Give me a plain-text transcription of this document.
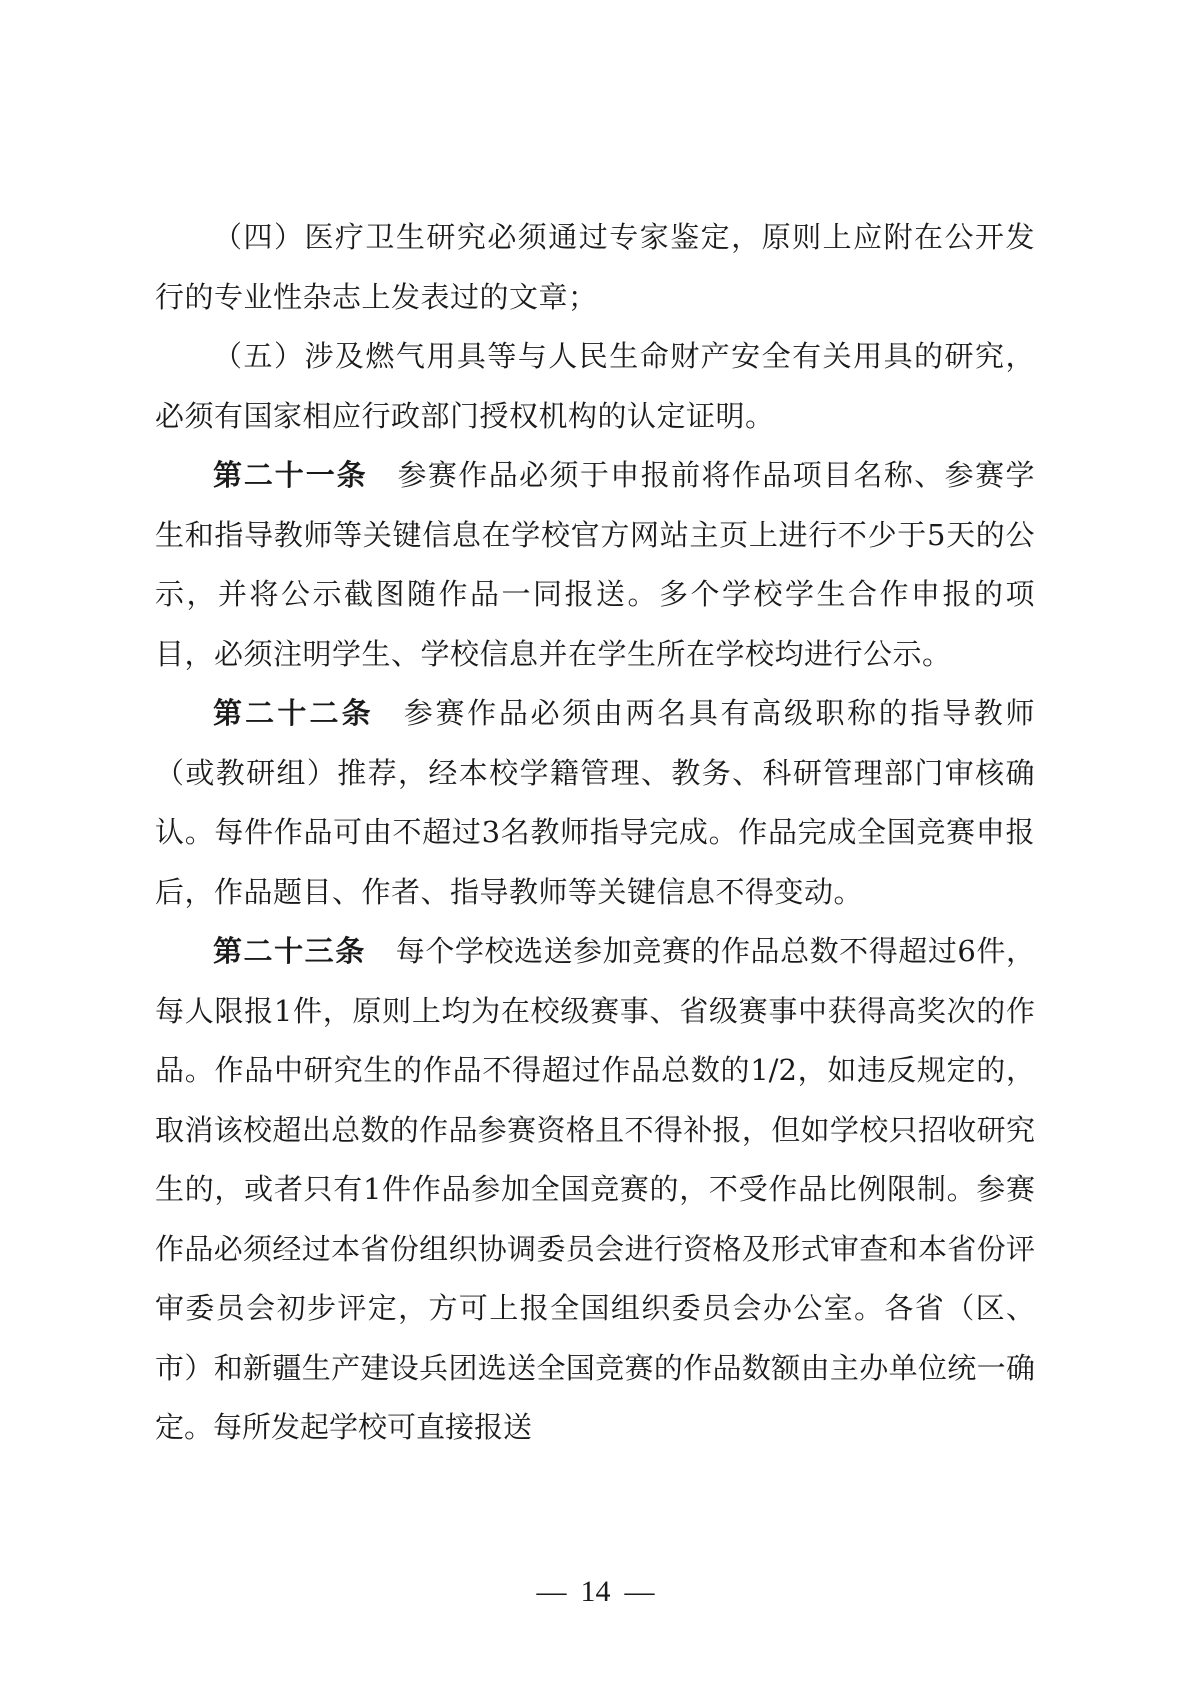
（四）医疗卫生研究必须通过专家鉴定，原则上应附在公开发行的专业性杂志上发表过的文章；

（五）涉及燃气用具等与人民生命财产安全有关用具的研究，必须有国家相应行政部门授权机构的认定证明。

第二十一条 参赛作品必须于申报前将作品项目名称、参赛学生和指导教师等关键信息在学校官方网站主页上进行不少于5天的公示，并将公示截图随作品一同报送。多个学校学生合作申报的项目，必须注明学生、学校信息并在学生所在学校均进行公示。

第二十二条 参赛作品必须由两名具有高级职称的指导教师（或教研组）推荐，经本校学籍管理、教务、科研管理部门审核确认。每件作品可由不超过3名教师指导完成。作品完成全国竞赛申报后，作品题目、作者、指导教师等关键信息不得变动。

第二十三条 每个学校选送参加竞赛的作品总数不得超过6件，每人限报1件，原则上均为在校级赛事、省级赛事中获得高奖次的作品。作品中研究生的作品不得超过作品总数的1/2，如违反规定的，取消该校超出总数的作品参赛资格且不得补报，但如学校只招收研究生的，或者只有1件作品参加全国竞赛的，不受作品比例限制。参赛作品必须经过本省份组织协调委员会进行资格及形式审查和本省份评审委员会初步评定，方可上报全国组织委员会办公室。各省（区、市）和新疆生产建设兵团选送全国竞赛的作品数额由主办单位统一确定。每所发起学校可直接报送

— 14 —
